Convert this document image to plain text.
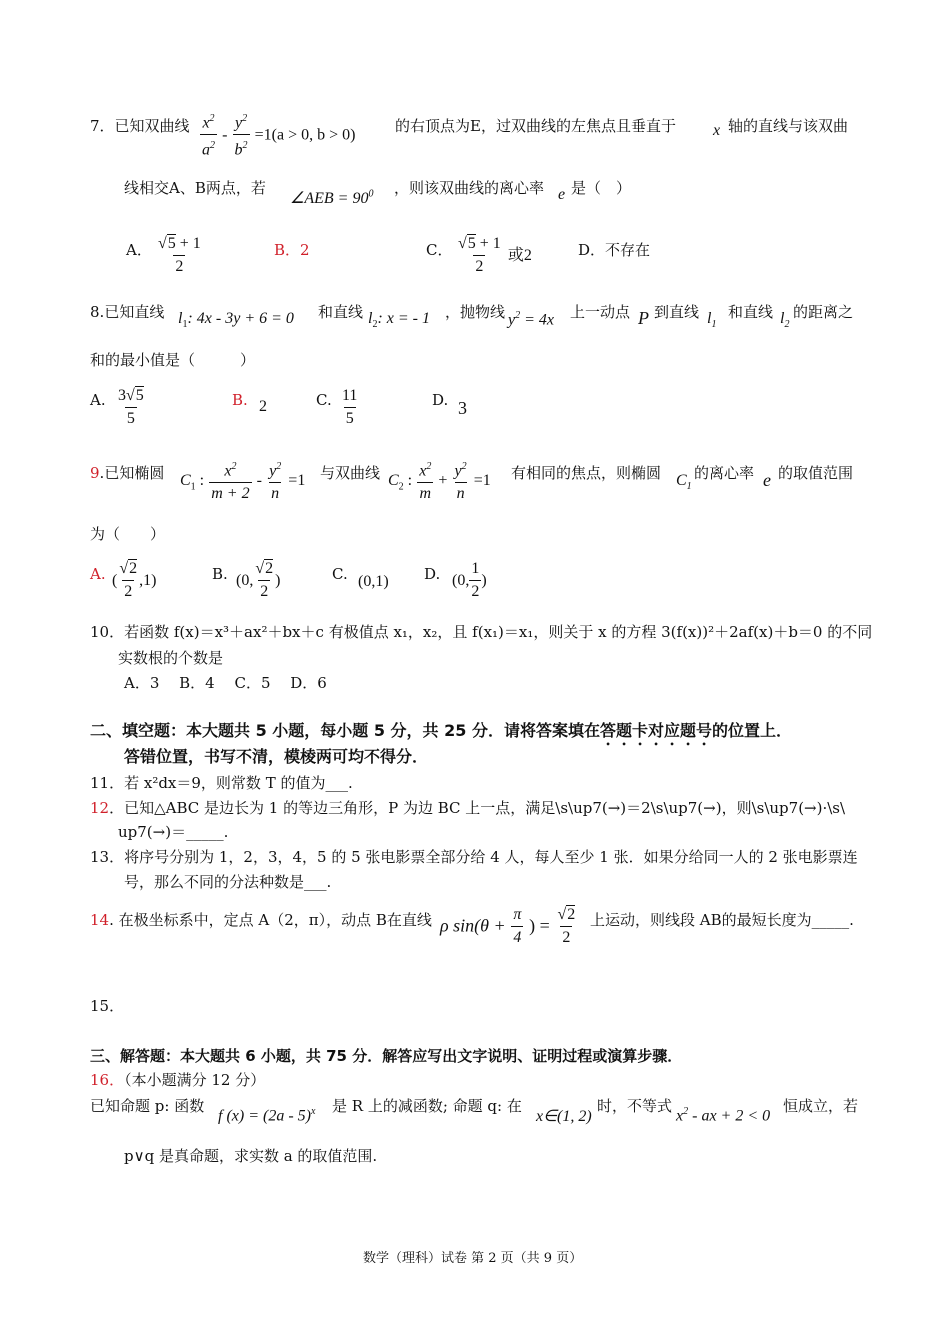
7．已知双曲线 $\frac{x^2}{a^2} - \frac{y^2}{b^2} =1(a > 0$, b > 0)	的右顶点为E，过双曲线的左焦点且垂直于 x 轴的直线与该双曲
线相交A、B两点，若
∠AEB = $90^0$ ，则该双曲线的离心率 e 是（　）
A． $\frac{√5 + 1}{2}$	B．2	C． $\frac{√5 + 1}{2}$ 或2	D．不存在
8.已知直线 $l_1$: 4x - 3y + 6 = 0 和直线 $l_2$: x = - 1 ，抛物线 $y^2 = 4x$ 上一动点 P 到直线 $l_1$
和直线 $l_2$
的距离之
和的最小值是（　　　）
A. $\frac{3√5}{5}$	B. 2	C. $\frac{11}{5}$	D. 3
9.已知椭圆 $C_1$ : $\frac{x^2}{m + 2} - \frac{y^2}{n} =1$ 与双曲线 $C_2$ : $\frac{x^2}{m} + \frac{y^2}{n} =1$ 有相同的焦点，则椭圆 $C_1$
的离心率 e 的取值范围
为（　　）
A. ( $\frac{√2}{2} ,1$)	B. (0, $\frac{√2}{2}$ )	C. (0,1) D. (0, $\frac{1}{2}$ )
10．若函数 f(x)＝x³＋ax²＋bx＋c 有极值点 x₁，x₂，且 f(x₁)＝x₁，则关于 x 的方程 3(f(x))²＋2af(x)＋b＝0 的不同
实数根的个数是
A．3　 B．4　 C．5　 D．6
二、填空题：本大题共 5 小题，每小题 5 分，共 25 分．请将答案填在答题卡对应题号的位置上．
答错位置，书写不清，模棱两可均不得分．
11．若 x²dx＝9，则常数 T 的值为___.
12．已知△ABC 是边长为 1 的等边三角形，P 为边 BC 上一点，满足\s\up7(→)＝2\s\up7(→)，则\s\up7(→)·\s\
up7(→)＝_____.
13．将序号分别为 1，2，3，4，5 的 5 张电影票全部分给 4 人，每人至少 1 张．如果分给同一人的 2 张电影票连
号，那么不同的分法种数是___.
14. 在极坐标系中，定点 A（2，π），动点 B在直线 ρ $\sin(\theta + \frac{\pi}{4}$ ) = $\frac{√2}{2}$ 上运动，则线段 AB的最短长度为_____.
15．
三、解答题：本大题共 6 小题，共 75 分．解答应写出文字说明、证明过程或演算步骤．
16．（本小题满分 12 分）
已知命题 p: 函数
f (x) = (2a - 5)$^x$ 是 R 上的减函数; 命题 q: 在
x∈(1, 2)
时，不等式
$x^2$ - ax + 2 < 0
恒成立，若
p∨q 是真命题，求实数 a 的取值范围.
数学（理科）试卷 第 2 页（共 9 页）
